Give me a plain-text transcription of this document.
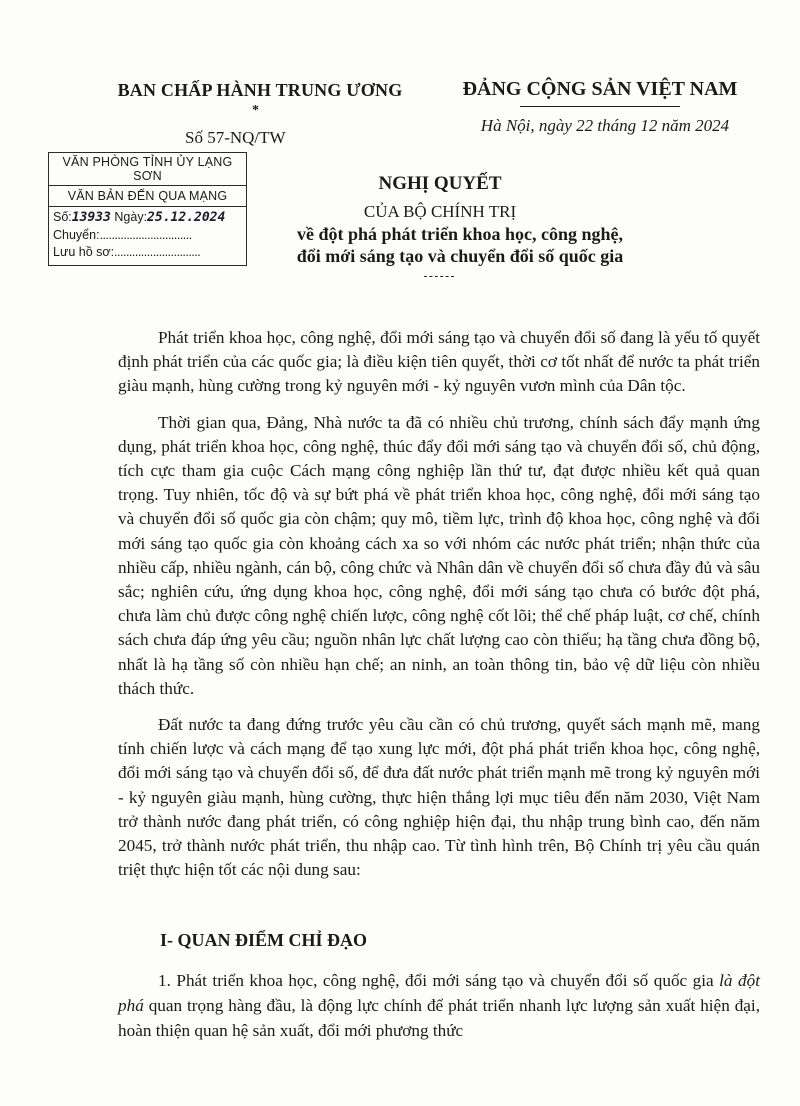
BAN CHẤP HÀNH TRUNG ƯƠNG
*
ĐẢNG CỘNG SẢN VIỆT NAM
Số 57-NQ/TW
Hà Nội, ngày 22 tháng 12 năm 2024
VĂN PHÒNG TỈNH ỦY LẠNG SƠN
VĂN BẢN ĐẾN QUA MẠNG
Số:13933 Ngày:25.12.2024
Chuyển:...............................
Lưu hồ sơ:.............................
NGHỊ QUYẾT
CỦA BỘ CHÍNH TRỊ
về đột phá phát triển khoa học, công nghệ,
đổi mới sáng tạo và chuyển đổi số quốc gia

Phát triển khoa học, công nghệ, đổi mới sáng tạo và chuyển đổi số đang là yếu tố quyết định phát triển của các quốc gia; là điều kiện tiên quyết, thời cơ tốt nhất để nước ta phát triển giàu mạnh, hùng cường trong kỷ nguyên mới - kỷ nguyên vươn mình của Dân tộc.

Thời gian qua, Đảng, Nhà nước ta đã có nhiều chủ trương, chính sách đẩy mạnh ứng dụng, phát triển khoa học, công nghệ, thúc đẩy đổi mới sáng tạo và chuyển đổi số, chủ động, tích cực tham gia cuộc Cách mạng công nghiệp lần thứ tư, đạt được nhiều kết quả quan trọng. Tuy nhiên, tốc độ và sự bứt phá về phát triển khoa học, công nghệ, đổi mới sáng tạo và chuyển đổi số quốc gia còn chậm; quy mô, tiềm lực, trình độ khoa học, công nghệ và đổi mới sáng tạo quốc gia còn khoảng cách xa so với nhóm các nước phát triển; nhận thức của nhiều cấp, nhiều ngành, cán bộ, công chức và Nhân dân về chuyển đổi số chưa đầy đủ và sâu sắc; nghiên cứu, ứng dụng khoa học, công nghệ, đổi mới sáng tạo chưa có bước đột phá, chưa làm chủ được công nghệ chiến lược, công nghệ cốt lõi; thể chế pháp luật, cơ chế, chính sách chưa đáp ứng yêu cầu; nguồn nhân lực chất lượng cao còn thiếu; hạ tầng chưa đồng bộ, nhất là hạ tầng số còn nhiều hạn chế; an ninh, an toàn thông tin, bảo vệ dữ liệu còn nhiều thách thức.

Đất nước ta đang đứng trước yêu cầu cần có chủ trương, quyết sách mạnh mẽ, mang tính chiến lược và cách mạng để tạo xung lực mới, đột phá phát triển khoa học, công nghệ, đổi mới sáng tạo và chuyển đổi số, để đưa đất nước phát triển mạnh mẽ trong kỷ nguyên mới - kỷ nguyên giàu mạnh, hùng cường, thực hiện thắng lợi mục tiêu đến năm 2030, Việt Nam trở thành nước đang phát triển, có công nghiệp hiện đại, thu nhập trung bình cao, đến năm 2045, trở thành nước phát triển, thu nhập cao. Từ tình hình trên, Bộ Chính trị yêu cầu quán triệt thực hiện tốt các nội dung sau:

I- QUAN ĐIỂM CHỈ ĐẠO

1. Phát triển khoa học, công nghệ, đổi mới sáng tạo và chuyển đổi số quốc gia là đột phá quan trọng hàng đầu, là động lực chính để phát triển nhanh lực lượng sản xuất hiện đại, hoàn thiện quan hệ sản xuất, đổi mới phương thức
